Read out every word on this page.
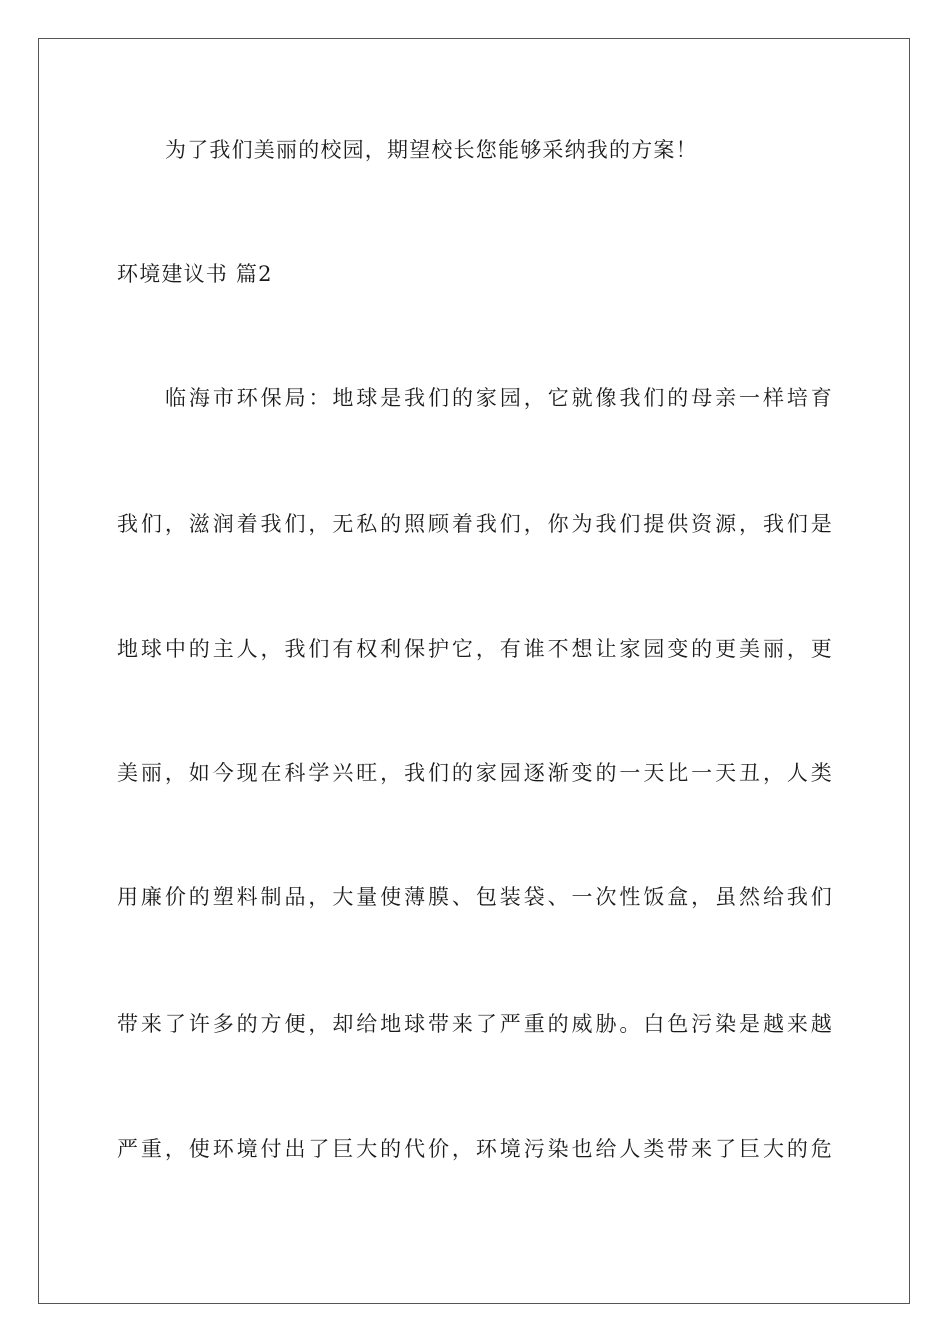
为了我们美丽的校园，期望校长您能够采纳我的方案！
环境建议书 篇2
临海市环保局：地球是我们的家园，它就像我们的母亲一样培育
我们，滋润着我们，无私的照顾着我们，你为我们提供资源，我们是
地球中的主人，我们有权利保护它，有谁不想让家园变的更美丽，更
美丽，如今现在科学兴旺，我们的家园逐渐变的一天比一天丑，人类
用廉价的塑料制品，大量使薄膜、包装袋、一次性饭盒，虽然给我们
带来了许多的方便，却给地球带来了严重的威胁。白色污染是越来越
严重，使环境付出了巨大的代价，环境污染也给人类带来了巨大的危
